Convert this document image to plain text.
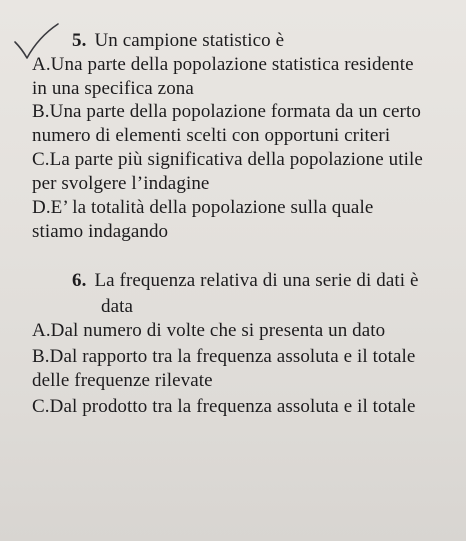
5. Un campione statistico è
A.Una parte della popolazione statistica residente
in una specifica zona
B.Una parte della popolazione formata da un certo
numero di elementi scelti con opportuni criteri
C.La parte più significativa della popolazione utile
per svolgere l’indagine
D.E’ la totalità della popolazione sulla quale
stiamo indagando
6. La frequenza relativa di una serie di dati è
data
A.Dal numero di volte che si presenta un dato
B.Dal rapporto tra la frequenza assoluta e il totale
delle frequenze rilevate
C.Dal prodotto tra la frequenza assoluta e il totale
